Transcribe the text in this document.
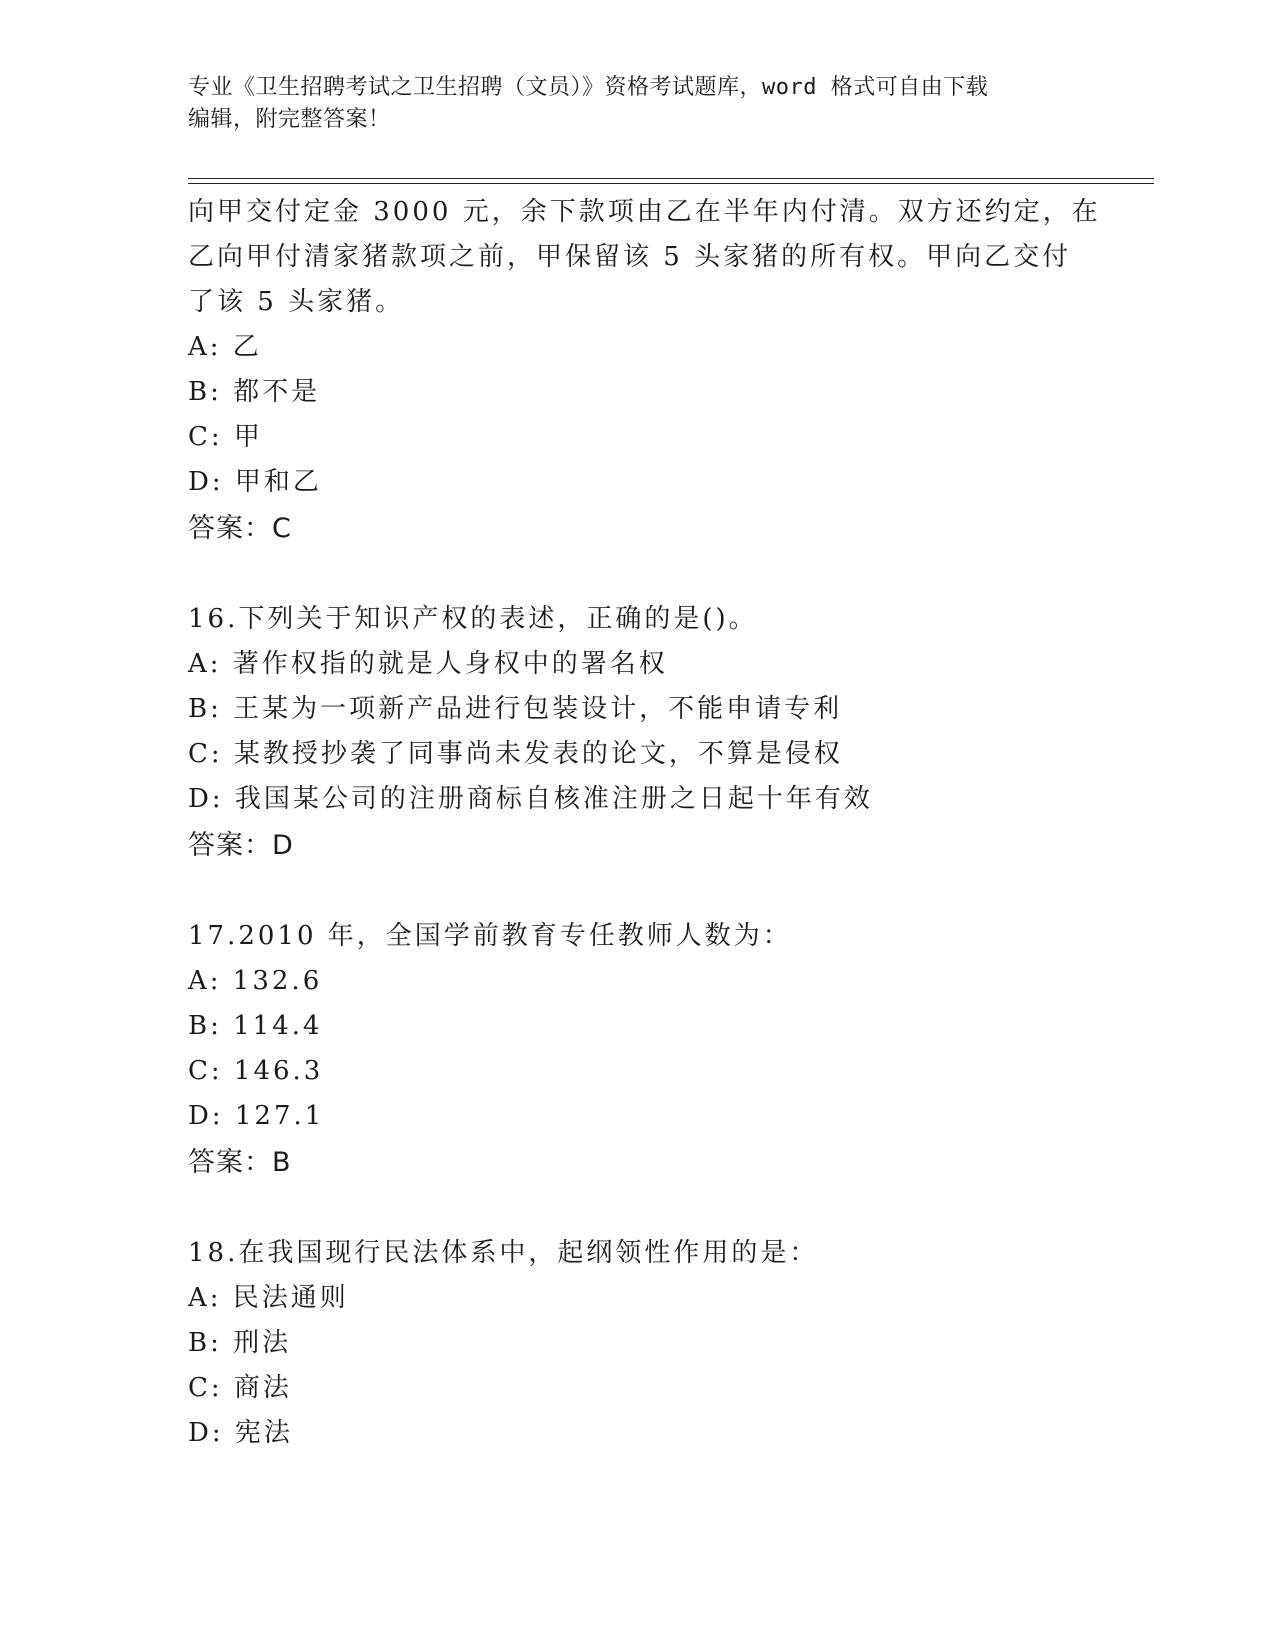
专业《卫生招聘考试之卫生招聘（文员）》资格考试题库，word 格式可自由下载
编辑，附完整答案！
向甲交付定金 3000 元，余下款项由乙在半年内付清。双方还约定，在
乙向甲付清家猪款项之前，甲保留该 5 头家猪的所有权。甲向乙交付
了该 5 头家猪。
A: 乙
B: 都不是
C: 甲
D: 甲和乙
答案：C
16.下列关于知识产权的表述，正确的是()。
A: 著作权指的就是人身权中的署名权
B: 王某为一项新产品进行包装设计，不能申请专利
C: 某教授抄袭了同事尚未发表的论文，不算是侵权
D: 我国某公司的注册商标自核准注册之日起十年有效
答案：D
17.2010 年，全国学前教育专任教师人数为：
A: 132.6
B: 114.4
C: 146.3
D: 127.1
答案：B
18.在我国现行民法体系中，起纲领性作用的是：
A: 民法通则
B: 刑法
C: 商法
D: 宪法
